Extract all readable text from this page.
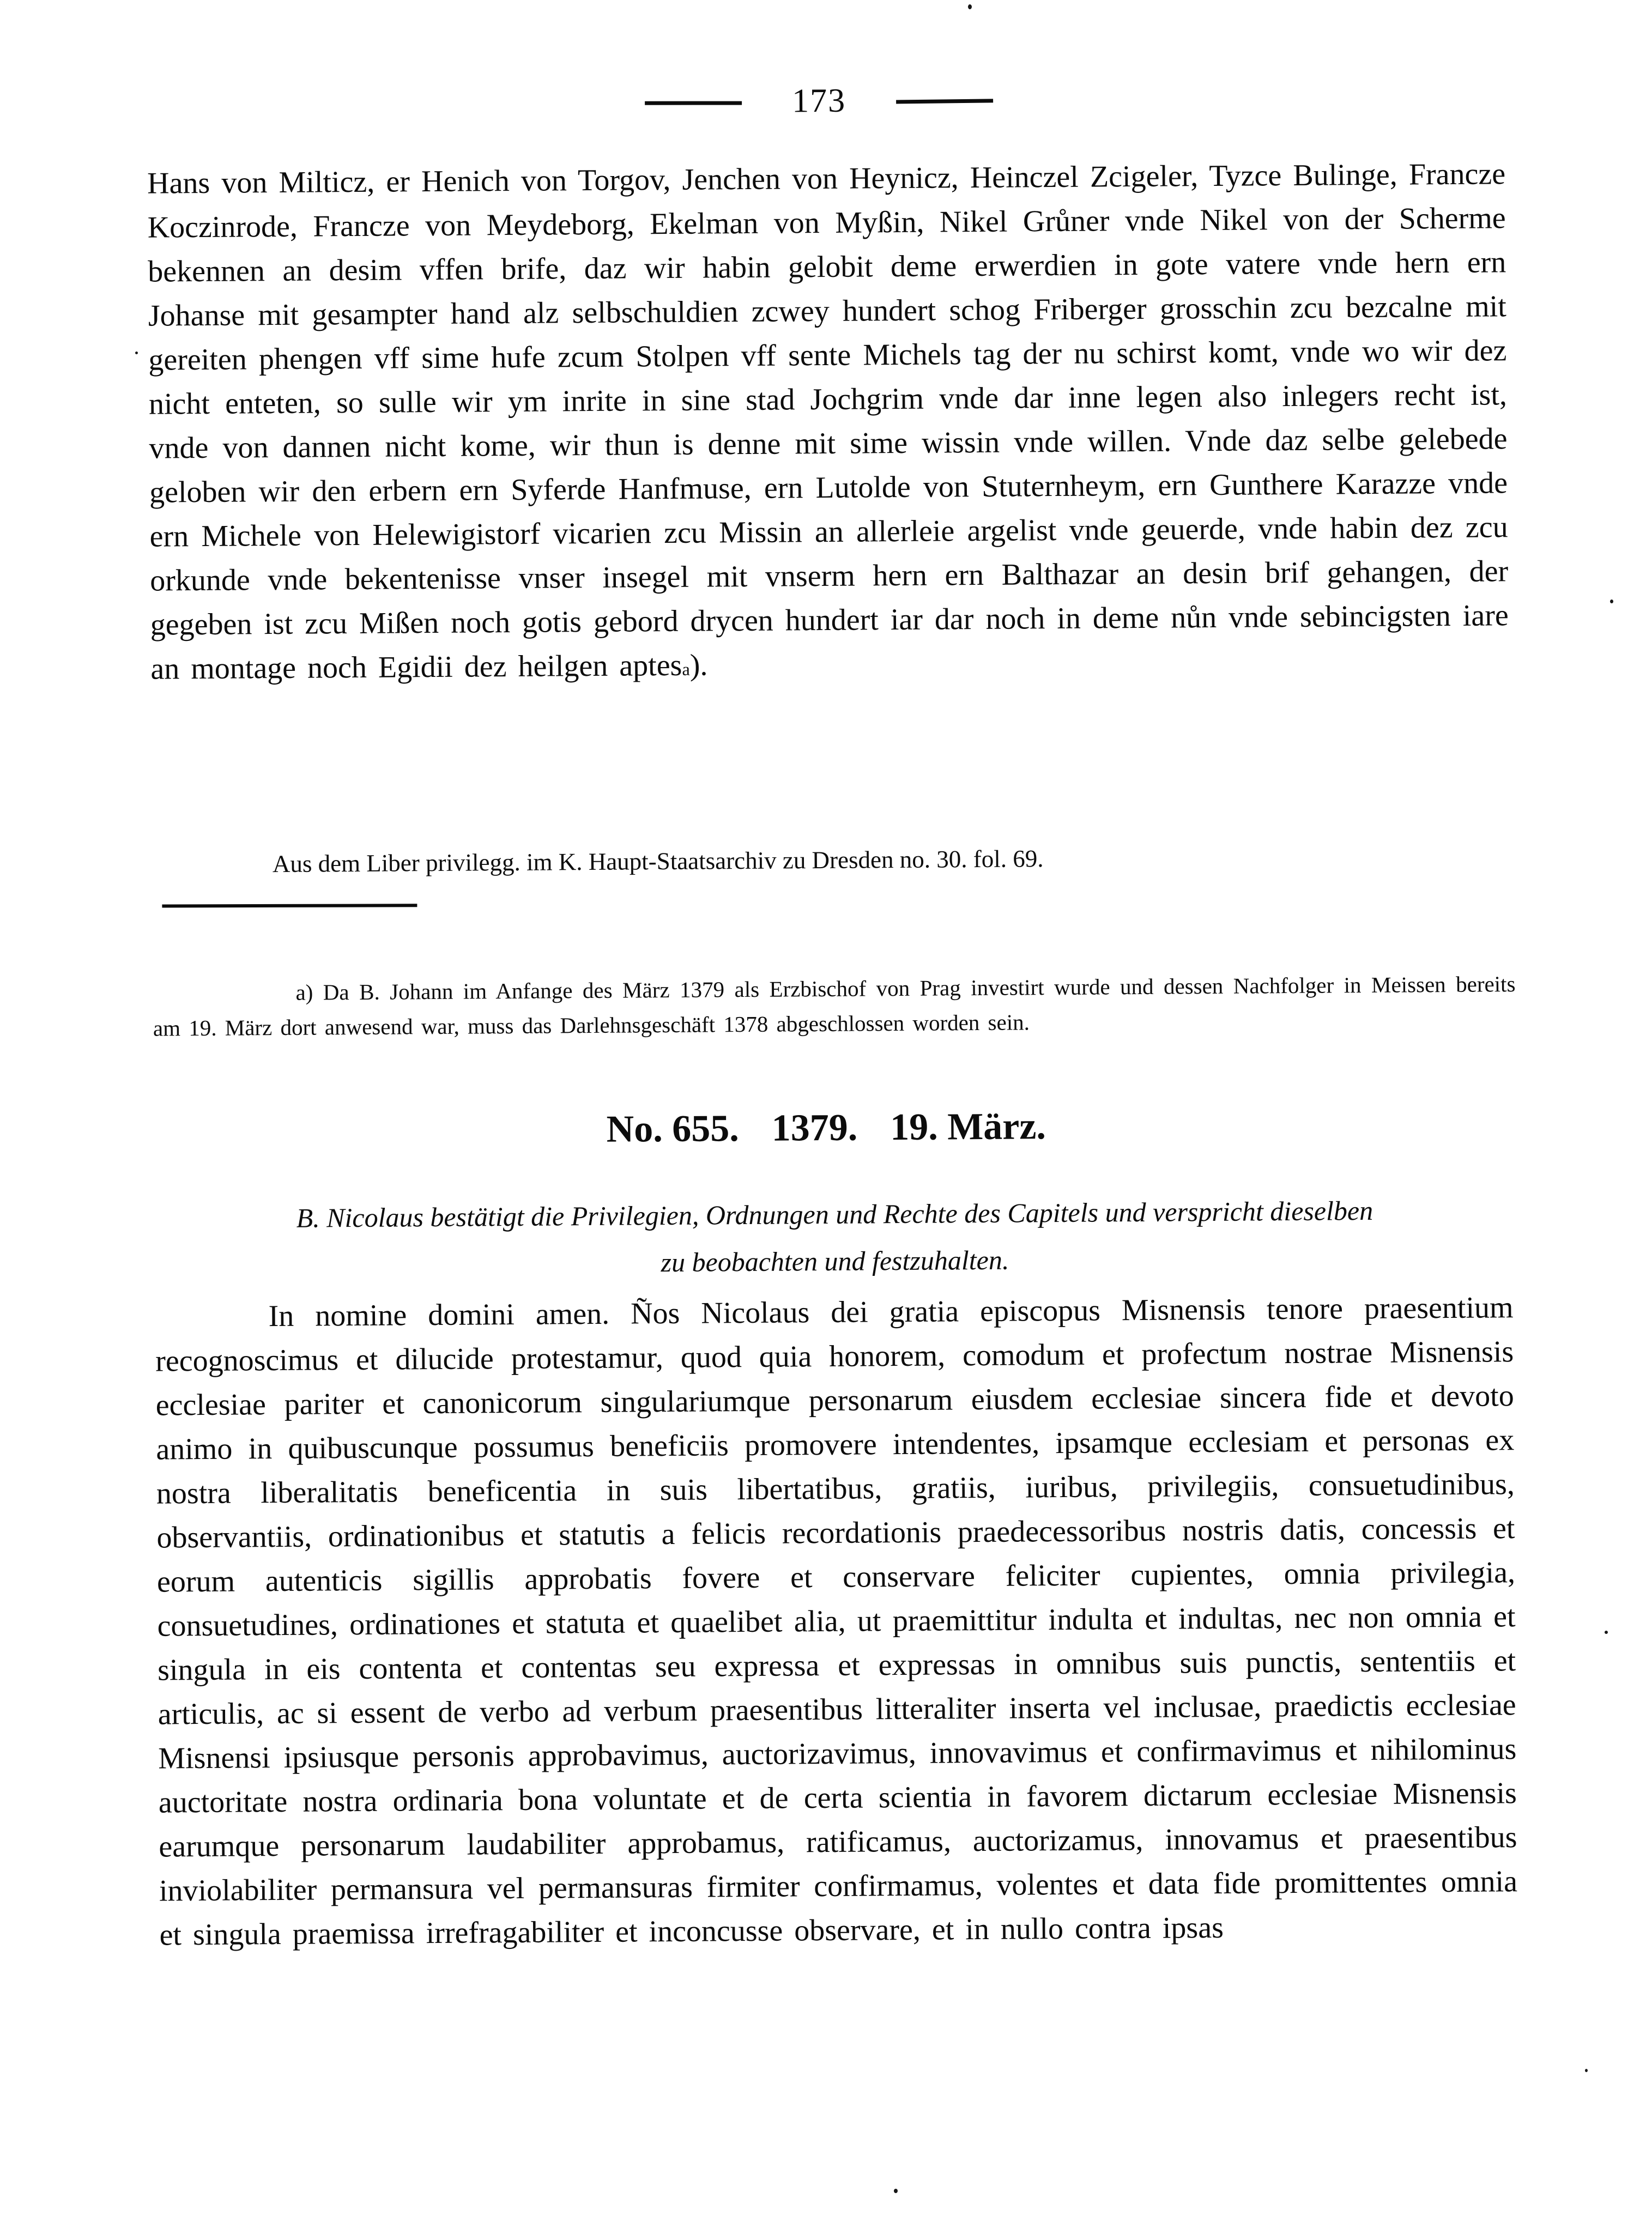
173

Hans von Milticz, er Henich von Torgov, Jenchen von Heynicz, Heinczel Zcigeler, Tyzce Bulinge, Francze Koczinrode, Francze von Meydeborg, Ekelman von Myßin, Nikel Grůner vnde Nikel von der Scherme bekennen an desim vffen brife, daz wir habin gelobit deme erwerdien in gote vatere vnde hern ern Johanse mit gesampter hand alz selbschuldien zcwey hundert schog Friberger grosschin zcu bezcalne mit gereiten phengen vff sime hufe zcum Stolpen vff sente Michels tag der nu schirst komt, vnde wo wir dez nicht enteten, so sulle wir ym inrite in sine stad Jochgrim vnde dar inne legen also inlegers recht ist, vnde von dannen nicht kome, wir thun is denne mit sime wissin vnde willen. Vnde daz selbe gelebede geloben wir den erbern ern Syferde Hanfmuse, ern Lutolde von Stuternheym, ern Gunthere Karazze vnde ern Michele von Helewigistorf vicarien zcu Missin an allerleie argelist vnde geuerde, vnde habin dez zcu orkunde vnde bekentenisse vnser insegel mit vnserm hern ern Balthazar an desin brif gehangen, der gegeben ist zcu Mißen noch gotis gebord drycen hundert iar dar noch in deme nůn vnde sebincigsten iare an montage noch Egidii dez heilgen aptes$^a$).

Aus dem Liber privilegg. im K. Haupt-Staatsarchiv zu Dresden no. 30. fol. 69.

a) Da B. Johann im Anfange des März 1379 als Erzbischof von Prag investirt wurde und dessen Nachfolger in Meissen bereits am 19. März dort anwesend war, muss das Darlehnsgeschäft 1378 abgeschlossen worden sein.

No. 655. 1379. 19. März.

B. Nicolaus bestätigt die Privilegien, Ordnungen und Rechte des Capitels und verspricht dieselben
zu beobachten und festzuhalten.

In nomine domini amen. Ños Nicolaus dei gratia episcopus Misnensis tenore praesentium recognoscimus et dilucide protestamur, quod quia honorem, comodum et profectum nostrae Misnensis ecclesiae pariter et canonicorum singulariumque personarum eiusdem ecclesiae sincera fide et devoto animo in quibuscunque possumus beneficiis promovere intendentes, ipsamque ecclesiam et personas ex nostra liberalitatis beneficentia in suis libertatibus, gratiis, iuribus, privilegiis, consuetudinibus, observantiis, ordinationibus et statutis a felicis recordationis praedecessoribus nostris datis, concessis et eorum autenticis sigillis approbatis fovere et conservare feliciter cupientes, omnia privilegia, consuetudines, ordinationes et statuta et quaelibet alia, ut praemittitur indulta et indultas, nec non omnia et singula in eis contenta et contentas seu expressa et expressas in omnibus suis punctis, sententiis et articulis, ac si essent de verbo ad verbum praesentibus litteraliter inserta vel inclusae, praedictis ecclesiae Misnensi ipsiusque personis approbavimus, auctorizavimus, innovavimus et confirmavimus et nihilominus auctoritate nostra ordinaria bona voluntate et de certa scientia in favorem dictarum ecclesiae Misnensis earumque personarum laudabiliter approbamus, ratificamus, auctorizamus, innovamus et praesentibus inviolabiliter permansura vel permansuras firmiter confirmamus, volentes et data fide promittentes omnia et singula praemissa irrefragabiliter et inconcusse observare, et in nullo contra ipsas
